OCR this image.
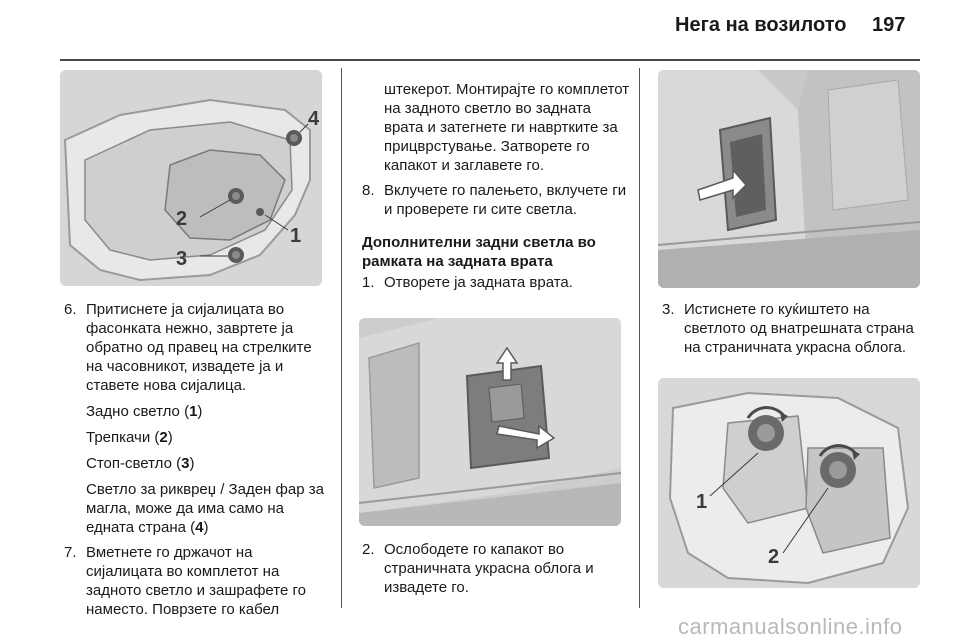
Нега на возилото 197
4
2
1
3
6. Притиснете ја сијалицата во фасонката нежно, завртете ја обратно од правец на стрелките на часовникот, извадете ја и ставете нова сијалица.

Задно светло (1)

Трепкачи (2)

Стоп-светло (3)

Светло за риквреџ / Заден фар за магла, може да има само на едната страна (4)

7. Вметнете го држачот на сијалицата во комплетот на задното светло и зашрафете го наместо. Поврзете го кабел

штекерот. Монтирајте го комплетот на задното светло во задната врата и затегнете ги навртките за прицврстување. Затворете го капакот и заглавете го.

8. Вклучете го палењето, вклучете ги и проверете ги сите светла.

Дополнителни задни светла во рамката на задната врата

1. Отворете ја задната врата.
2. Ослободете го капакот во страничната украсна облога и извадете го.
3. Истиснете го куќиштето на светлото од внатрешната страна на страничната украсна облога.
1
2
carmanualsonline.info
